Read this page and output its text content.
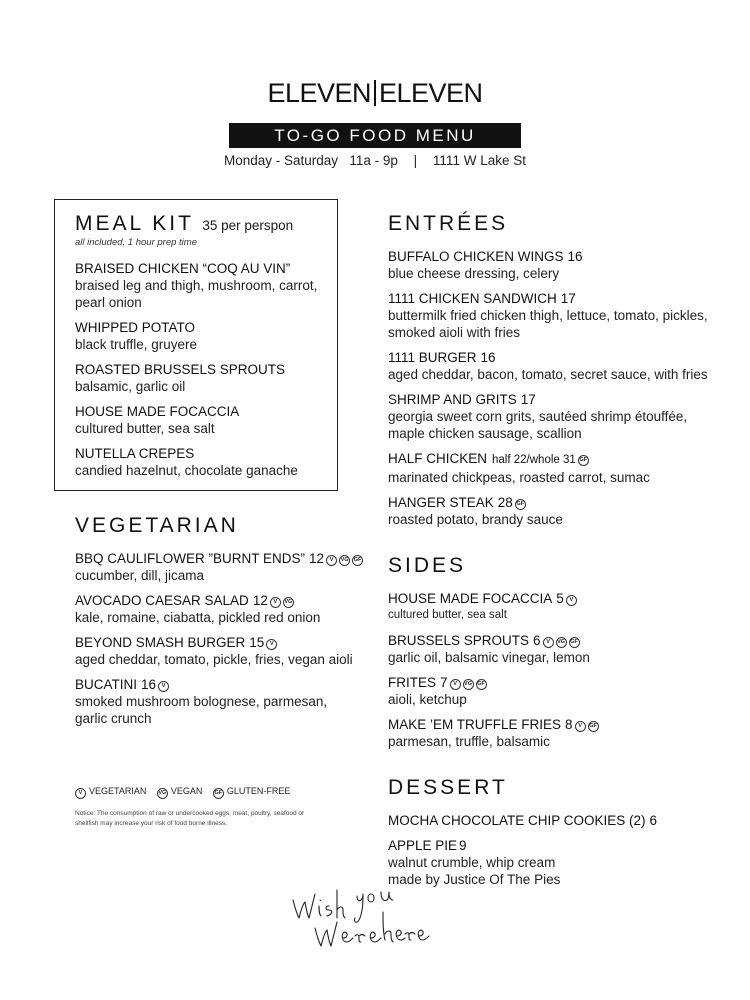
ELEVEN ELEVEN
TO-GO FOOD MENU
Monday - Saturday 11a - 9p | 1111 W Lake St
MEAL KIT 35 per persp​on
all included, 1 hour prep time
BRAISED CHICKEN “COQ AU VIN”
braised leg and thigh, mushroom, carrot, pearl onion
WHIPPED POTATO
black truffle, gruyere
ROASTED BRUSSELS SPROUTS
balsamic, garlic oil
HOUSE MADE FOCACCIA
cultured butter, sea salt
NUTELLA CREPES
candied hazelnut, chocolate ganache
VEGETARIAN
BBQ CAULIFLOWER ”BURNT ENDS” 12 V VG GF
cucumber, dill, jicama
AVOCADO CAESAR SALAD 12 V VG
kale, romaine, ciabatta, pickled red onion
BEYOND SMASH BURGER 15 V
aged cheddar, tomato, pickle, fries, vegan aioli
BUCATINI 16 V
smoked mushroom bolognese, parmesan, garlic crunch
ENTRÉES
BUFFALO CHICKEN WINGS 16
blue cheese dressing, celery
1111 CHICKEN SANDWICH 17
buttermilk fried chicken thigh, lettuce, tomato, pickles, smoked aioli with fries
1111 BURGER 16
aged cheddar, bacon, tomato, secret sauce, with fries
SHRIMP AND GRITS 17
georgia sweet corn grits, sautéed shrimp étouffée, maple chicken sausage, scallion
HALF CHICKEN half 22/whole 31 GF
marinated chickpeas, roasted carrot, sumac
HANGER STEAK 28 GF
roasted potato, brandy sauce
SIDES
HOUSE MADE FOCACCIA 5 V
cultured butter, sea salt
BRUSSELS SPROUTS 6 V VG GF
garlic oil, balsamic vinegar, lemon
FRITES 7 V VG GF
aioli, ketchup
MAKE ’EM TRUFFLE FRIES 8 V GF
parmesan, truffle, balsamic
DESSERT
MOCHA CHOCOLATE CHIP COOKIES (2) 6
APPLE PIE 9
walnut crumble, whip cream
made by Justice Of The Pies
V VEGETARIAN VG VEGAN GF GLUTEN-FREE
Notice: The consumption of raw or undercooked eggs, meat, poultry, seafood or shellfish may increase your risk of food borne illness.
